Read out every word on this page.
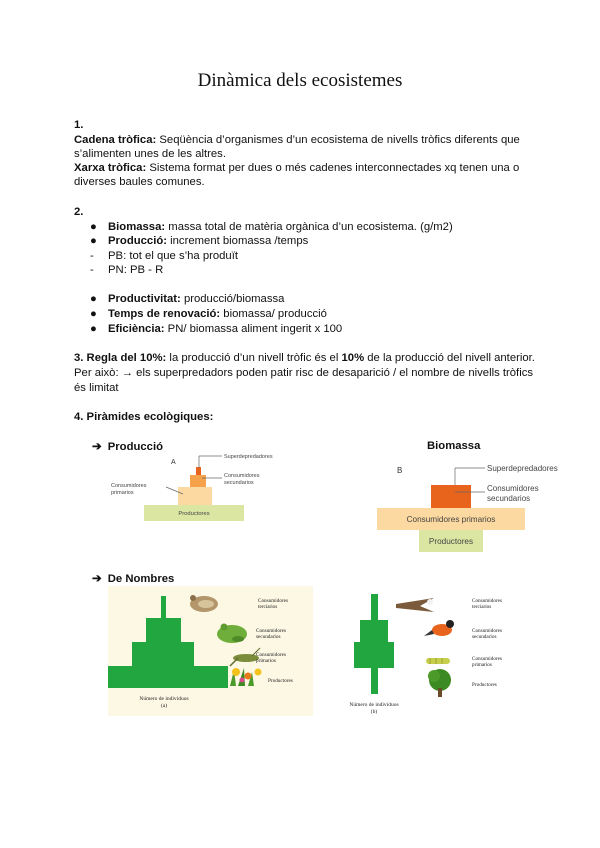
Dinàmica dels ecosistemes
1.
Cadena tròfica: Seqüència d’organismes d’un ecosistema de nivells tròfics diferents que
s’alimenten unes de les altres.
Xarxa tròfica: Sistema format per dues o més cadenes interconnectades xq tenen una o
diverses baules comunes.
2.
● Biomassa: massa total de matèria orgànica d’un ecosistema. (g/m2)
● Producció: increment biomassa /temps
- PB: tot el que s’ha produït
- PN: PB - R
● Productivitat: producció/biomassa
● Temps de renovació: biomassa/ producció
● Eficiència: PN/ biomassa aliment ingerit x 100
3. Regla del 10%: la producció d’un nivell tròfic és el 10% de la producció del nivell anterior.
Per això: → els superpredadors poden patir risc de desaparició / el nombre de nivells tròfics
és limitat
4. Piràmides ecològiques:
➔ Producció	Biomassa
A
Superdepredadores
Consumidores
secundarios
Consumidores
primarios
Productores
B	Superdepredadores
Consumidores
secundarios
Consumidores primarios
Productores
➔ De Nombres
Consumidores
terciarios
Consumidores
secundarios
Consumidores
primarios
Productores
Número de individuos
(a)
Consumidores
terciarios
Consumidores
secundarios
Consumidores
primarios
Productores
Número de individuos
(b)
